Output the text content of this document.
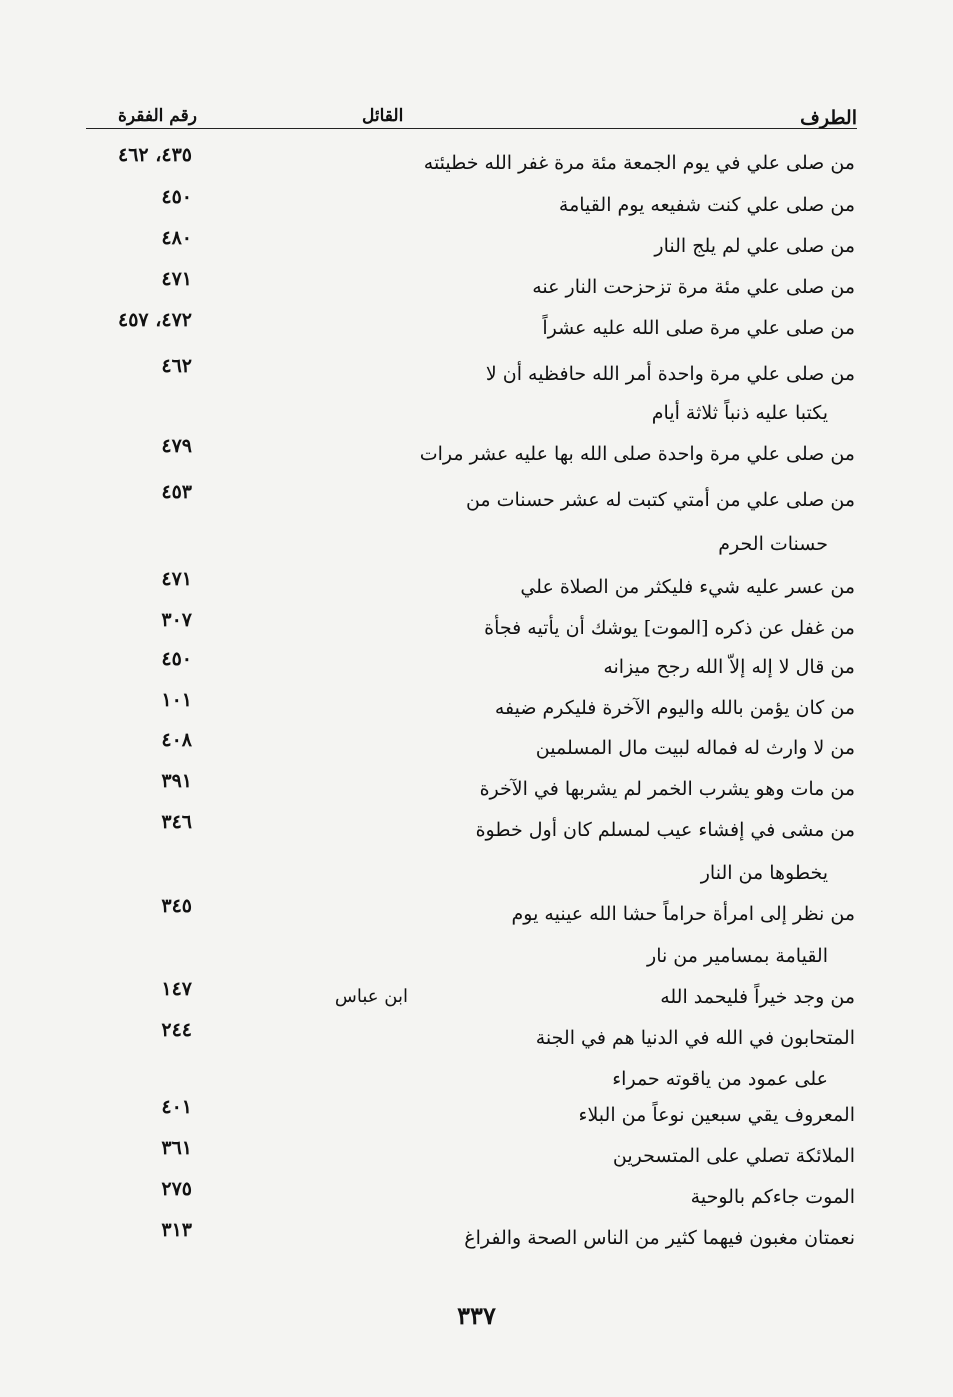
الطرف
القائل
رقم الفقرة
من صلى علي في يوم الجمعة مئة مرة غفر الله خطيئته
٤٣٥، ٤٦٢
من صلى علي كنت شفيعه يوم القيامة
٤٥٠
من صلى علي لم يلج النار
٤٨٠
من صلى علي مئة مرة تزحزحت النار عنه
٤٧١
من صلى علي مرة صلى الله عليه عشراً
٤٧٢، ٤٥٧
من صلى علي مرة واحدة أمر الله حافظيه أن لا
يكتبا عليه ذنباً ثلاثة أيام
٤٦٢
من صلى علي مرة واحدة صلى الله بها عليه عشر مرات
٤٧٩
من صلى علي من أمتي كتبت له عشر حسنات من
حسنات الحرم
٤٥٣
من عسر عليه شيء فليكثر من الصلاة علي
٤٧١
من غفل عن ذكره [الموت] يوشك أن يأتيه فجأة
٣٠٧
من قال لا إله إلاّ الله رجح ميزانه
٤٥٠
من كان يؤمن بالله واليوم الآخرة فليكرم ضيفه
١٠١
من لا وارث له فماله لبيت مال المسلمين
٤٠٨
من مات وهو يشرب الخمر لم يشربها في الآخرة
٣٩١
من مشى في إفشاء عيب لمسلم كان أول خطوة
يخطوها من النار
٣٤٦
من نظر إلى امرأة حراماً حشا الله عينيه يوم
القيامة بمسامير من نار
٣٤٥
من وجد خيراً فليحمد الله
ابن عباس
١٤٧
المتحابون في الله في الدنيا هم في الجنة
على عمود من ياقوته حمراء
٢٤٤
المعروف يقي سبعين نوعاً من البلاء
٤٠١
الملائكة تصلي على المتسحرين
٣٦١
الموت جاءكم بالوحية
٢٧٥
نعمتان مغبون فيهما كثير من الناس الصحة والفراغ
٣١٣
٣٣٧
